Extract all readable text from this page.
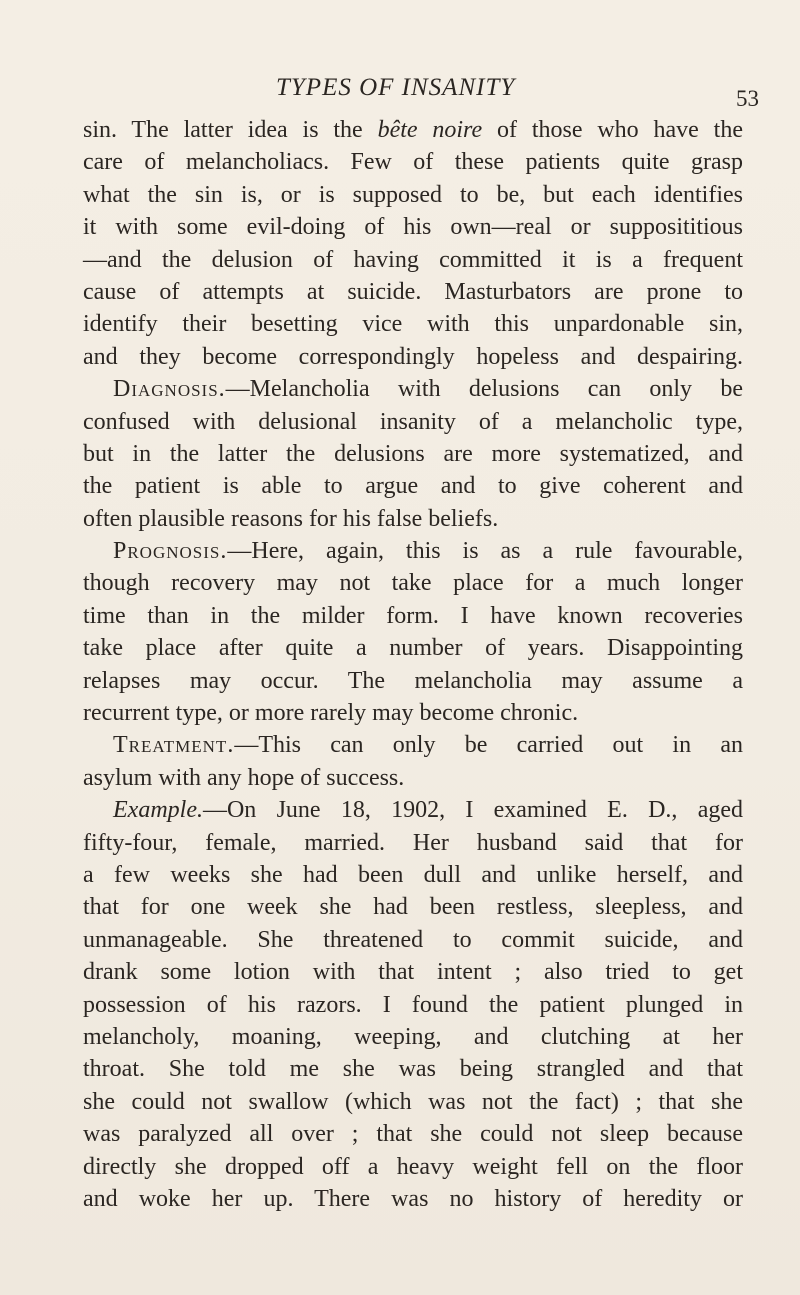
TYPES OF INSANITY	53
sin. The latter idea is the bête noire of those who have the
care of melancholiacs. Few of these patients quite grasp
what the sin is, or is supposed to be, but each identifies
it with some evil-doing of his own—real or supposititious
—and the delusion of having committed it is a frequent
cause of attempts at suicide. Masturbators are prone to
identify their besetting vice with this unpardonable sin,
and they become correspondingly hopeless and despairing.
Diagnosis.—Melancholia with delusions can only be
confused with delusional insanity of a melancholic type,
but in the latter the delusions are more systematized, and
the patient is able to argue and to give coherent and
often plausible reasons for his false beliefs.
Prognosis.—Here, again, this is as a rule favourable,
though recovery may not take place for a much longer
time than in the milder form. I have known recoveries
take place after quite a number of years. Disappointing
relapses may occur. The melancholia may assume a
recurrent type, or more rarely may become chronic.
Treatment.—This can only be carried out in an
asylum with any hope of success.
Example.—On June 18, 1902, I examined E. D., aged
fifty-four, female, married. Her husband said that for
a few weeks she had been dull and unlike herself, and
that for one week she had been restless, sleepless, and
unmanageable. She threatened to commit suicide, and
drank some lotion with that intent ; also tried to get
possession of his razors. I found the patient plunged in
melancholy, moaning, weeping, and clutching at her
throat. She told me she was being strangled and that
she could not swallow (which was not the fact) ; that she
was paralyzed all over ; that she could not sleep because
directly she dropped off a heavy weight fell on the floor
and woke her up. There was no history of heredity or
